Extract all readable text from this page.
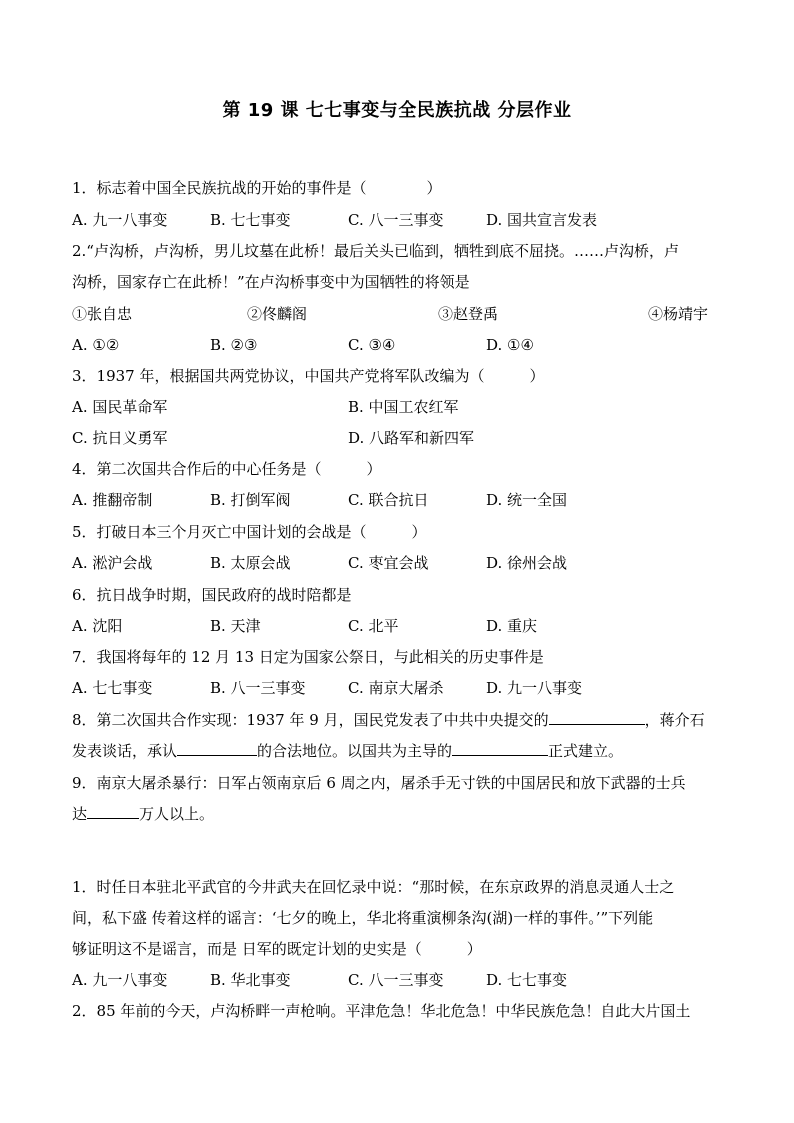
第 19 课 七七事变与全民族抗战 分层作业
1．标志着中国全民族抗战的开始的事件是（　　　　）
A. 九一八事变	B. 七七事变	C. 八一三事变	D. 国共宣言发表
2.“卢沟桥，卢沟桥，男儿坟墓在此桥！最后关头已临到，牺牲到底不屈挠。……卢沟桥，卢
沟桥，国家存亡在此桥！”在卢沟桥事变中为国牺牲的将领是
①张自忠	②佟麟阁	③赵登禹	④杨靖宇
A. ①②	B. ②③	C. ③④	D. ①④
3．1937 年，根据国共两党协议，中国共产党将军队改编为（　　　）
A. 国民革命军	B. 中国工农红军
C. 抗日义勇军	D. 八路军和新四军
4．第二次国共合作后的中心任务是（　　　）
A. 推翻帝制	B. 打倒军阀	C. 联合抗日	D. 统一全国
5．打破日本三个月灭亡中国计划的会战是（　　　）
A. 淞沪会战	B. 太原会战	C. 枣宜会战	D. 徐州会战
6．抗日战争时期，国民政府的战时陪都是
A. 沈阳	B. 天津	C. 北平	D. 重庆
7．我国将每年的 12 月 13 日定为国家公祭日，与此相关的历史事件是
A. 七七事变	B. 八一三事变	C. 南京大屠杀	D. 九一八事变
8．第二次国共合作实现：1937 年 9 月，国民党发表了中共中央提交的	，蒋介石
发表谈话，承认	的合法地位。以国共为主导的	正式建立。
9．南京大屠杀暴行：日军占领南京后 6 周之内，屠杀手无寸铁的中国居民和放下武器的士兵
达	万人以上。
1．时任日本驻北平武官的今井武夫在回忆录中说：“那时候，在东京政界的消息灵通人士之
间，私下盛 传着这样的谣言：‘七夕的晚上，华北将重演柳条沟(湖)一样的事件。’”下列能
够证明这不是谣言，而是 日军的既定计划的史实是（　　　）
A. 九一八事变	B. 华北事变	C. 八一三事变	D. 七七事变
2．85 年前的今天，卢沟桥畔一声枪响。平津危急！华北危急！中华民族危急！自此大片国土
